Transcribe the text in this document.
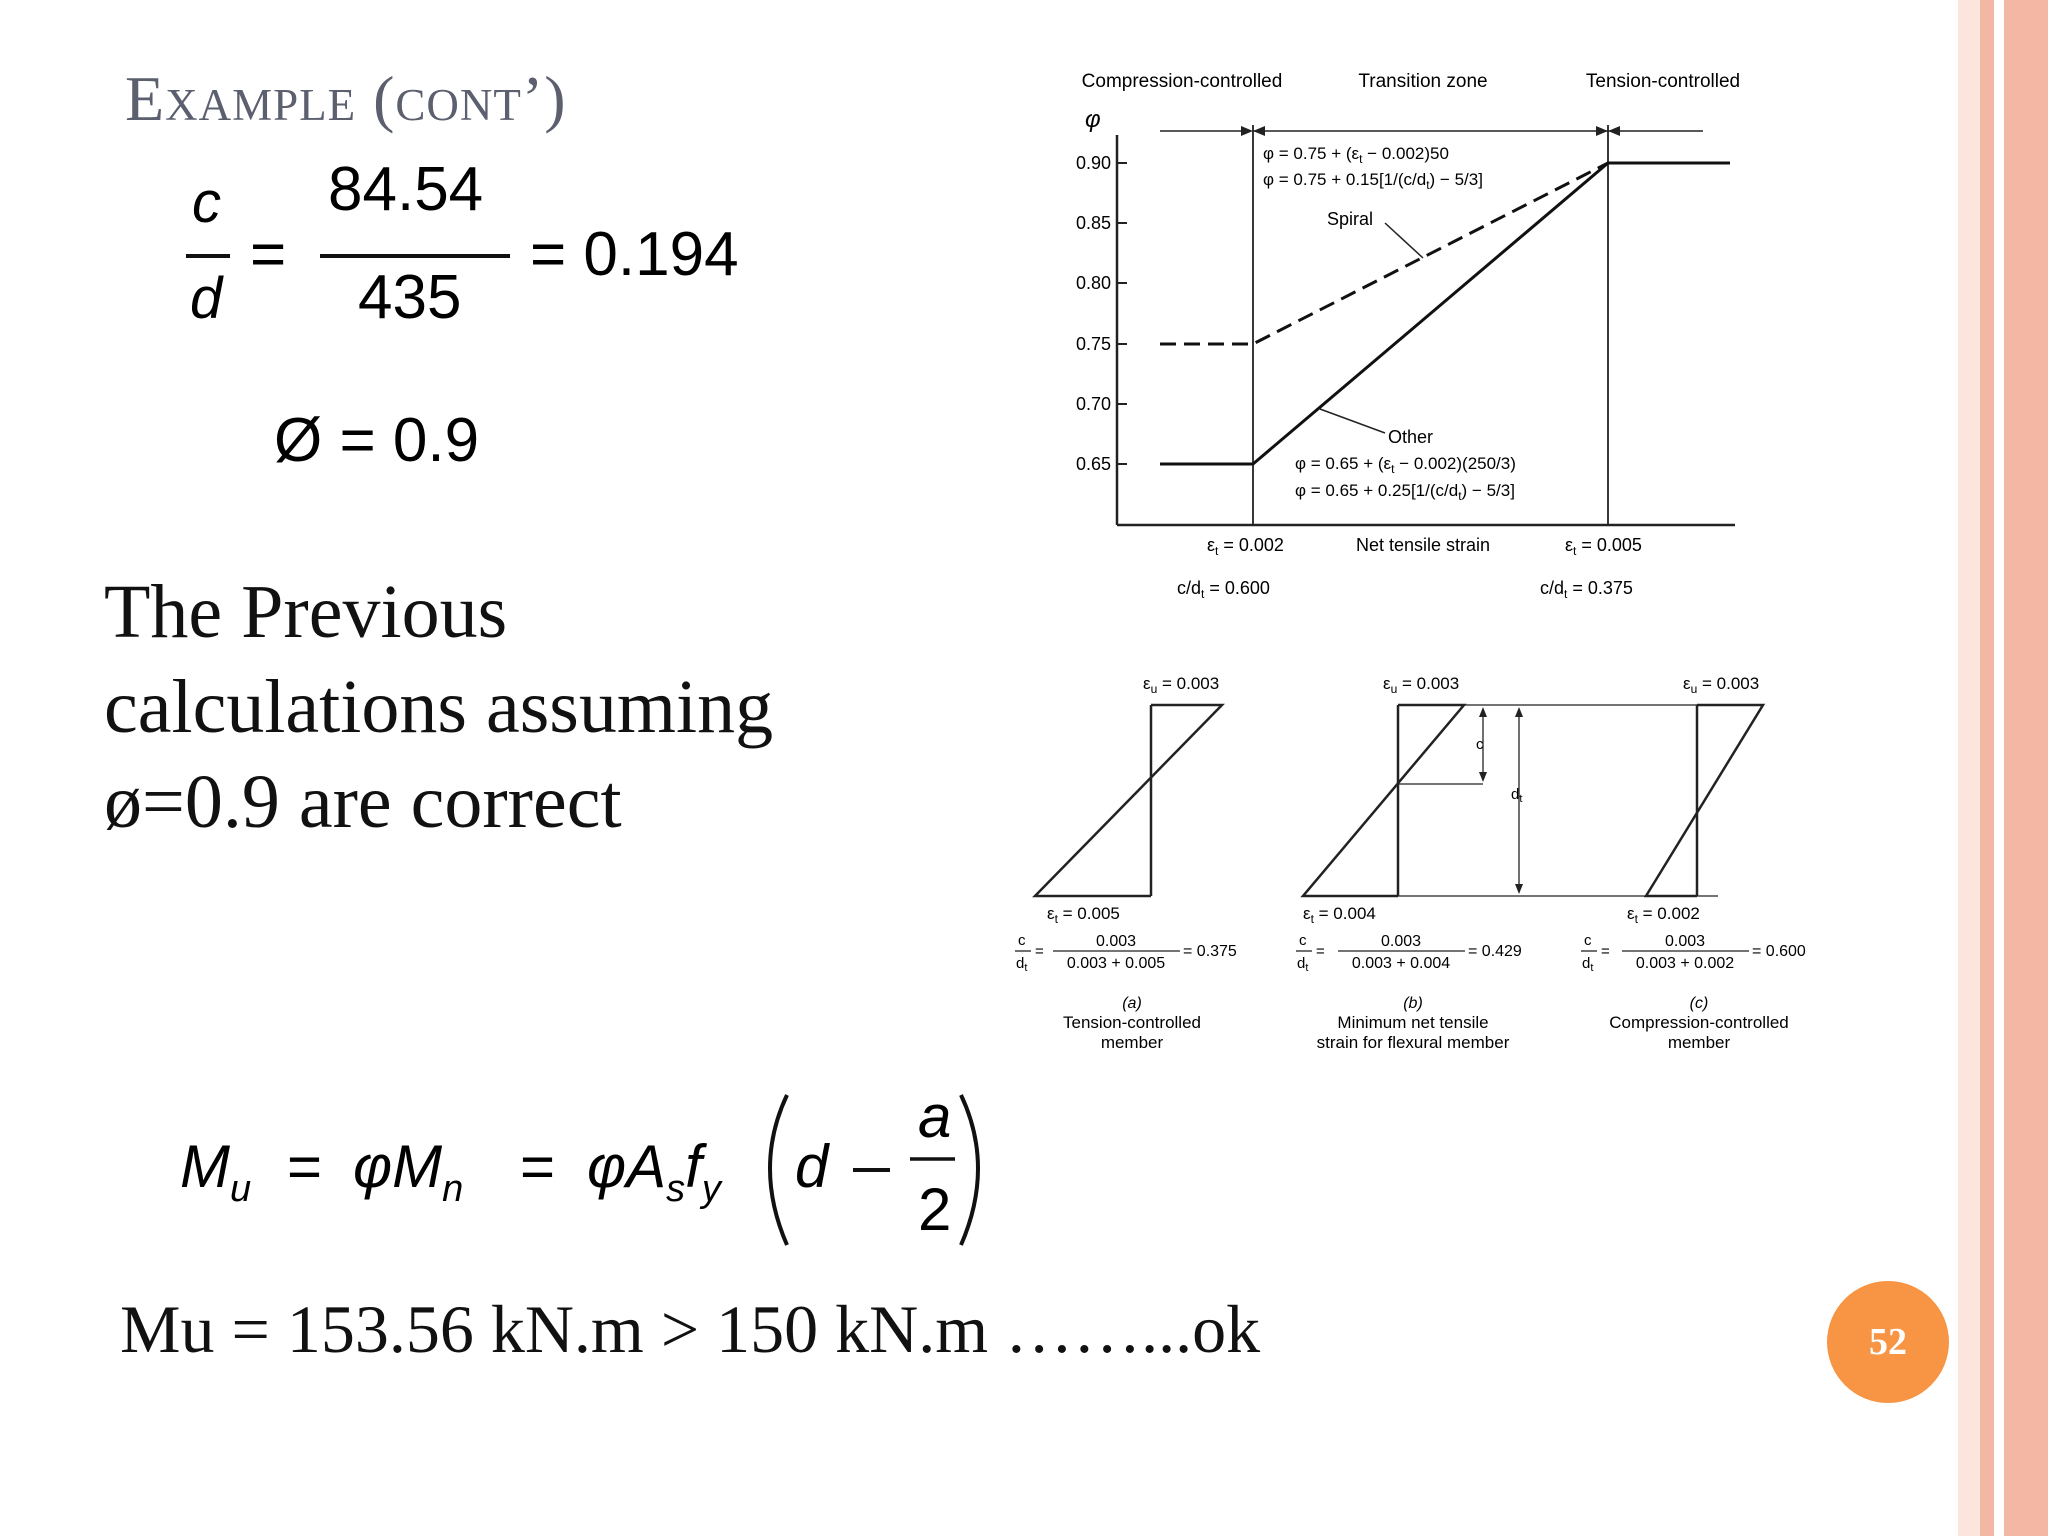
Example (cont’)
c
d
=
84.54
435
= 0.194
Ø = 0.9
The Previous
calculations assuming
ø=0.9 are correct
Compression-controlled	Transition zone	Tension-controlled
φ
0.90
0.85
0.80
0.75
0.70
0.65
$\varphi = 0.75 + (\varepsilon_t - 0.002)50$
$\varphi = 0.75 + 0.15[1/(c/d_t) - 5/3]$
Spiral
Other
$\varphi = 0.65 + (\varepsilon_t - 0.002)(250/3)$
$\varphi = 0.65 + 0.25[1/(c/d_t) - 5/3]$
$\varepsilon_t = 0.002$	Net tensile strain	$\varepsilon_t = 0.005$
$c/d_t = 0.600$	$c/d_t = 0.375$
$\varepsilon_u = 0.003$
$\varepsilon_t = 0.005$
c
$d_t$
=
0.003
0.003 + 0.005
= 0.375
(a)
Tension-controlled
member
$\varepsilon_u = 0.003$
c
$d_t$
$\varepsilon_t = 0.004$
c
$d_t$
=
0.003
0.003 + 0.004
= 0.429
(b)
Minimum net tensile
strain for flexural member
$\varepsilon_u = 0.003$
$\varepsilon_t = 0.002$
c
$d_t$
=
0.003
0.003 + 0.002
= 0.600
(c)
Compression-controlled
member
$M_u = \varphi M_n = \varphi A_sf_y$ d
a
2
Mu = 153.56 kN.m > 150 kN.m ……...ok	52
